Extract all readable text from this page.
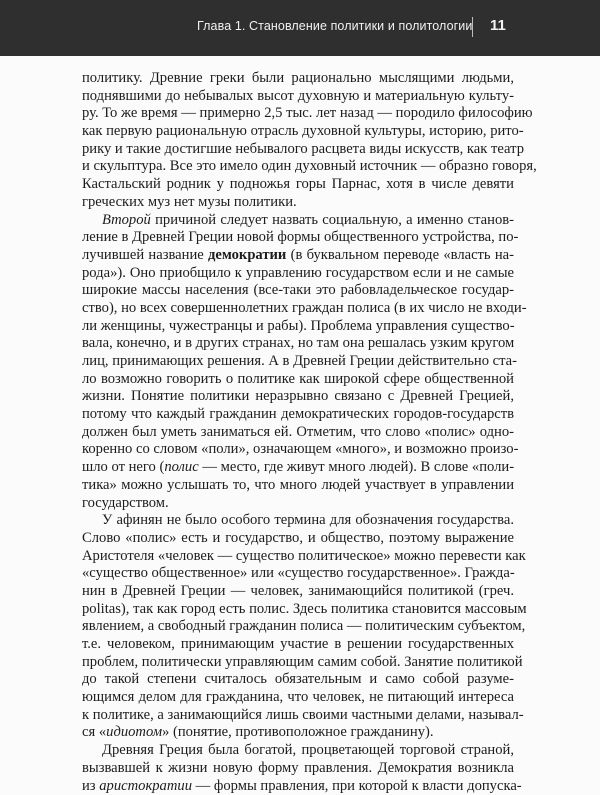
Глава 1. Становление политики и политологии 11
политику. Древние греки были рационально мыслящими людьми,
поднявшими до небывалых высот духовную и материальную культу-
ру. То же время — примерно 2,5 тыс. лет назад — породило философию
как первую рациональную отрасль духовной культуры, историю, рито-
рику и такие достигшие небывалого расцвета виды искусств, как театр
и скульптура. Все это имело один духовный источник — образно говоря,
Кастальский родник у подножья горы Парнас, хотя в числе девяти
греческих муз нет музы политики.
Второй причиной следует назвать социальную, а именно станов-
ление в Древней Греции новой формы общественного устройства, по-
лучившей название демократии (в буквальном переводе «власть на-
рода»). Оно приобщило к управлению государством если и не самые
широкие массы населения (все-таки это рабовладельческое государ-
ство), но всех совершеннолетних граждан полиса (в их число не входи-
ли женщины, чужестранцы и рабы). Проблема управления существо-
вала, конечно, и в других странах, но там она решалась узким кругом
лиц, принимающих решения. А в Древней Греции действительно ста-
ло возможно говорить о политике как широкой сфере общественной
жизни. Понятие политики неразрывно связано с Древней Грецией,
потому что каждый гражданин демократических городов-государств
должен был уметь заниматься ей. Отметим, что слово «полис» одно-
коренно со словом «поли», означающем «много», и возможно произо-
шло от него (полис — место, где живут много людей). В слове «поли-
тика» можно услышать то, что много людей участвует в управлении
государством.
У афинян не было особого термина для обозначения государства.
Слово «полис» есть и государство, и общество, поэтому выражение
Аристотеля «человек — существо политическое» можно перевести как
«существо общественное» или «существо государственное». Гражда-
нин в Древней Греции — человек, занимающийся политикой (греч.
politas), так как город есть полис. Здесь политика становится массовым
явлением, а свободный гражданин полиса — политическим субъектом,
т.е. человеком, принимающим участие в решении государственных
проблем, политически управляющим самим собой. Занятие политикой
до такой степени считалось обязательным и само собой разуме-
ющимся делом для гражданина, что человек, не питающий интереса
к политике, а занимающийся лишь своими частными делами, называл-
ся «идиотом» (понятие, противоположное гражданину).
Древняя Греция была богатой, процветающей торговой страной,
вызвавшей к жизни новую форму правления. Демократия возникла
из аристократии — формы правления, при которой к власти допуска-
